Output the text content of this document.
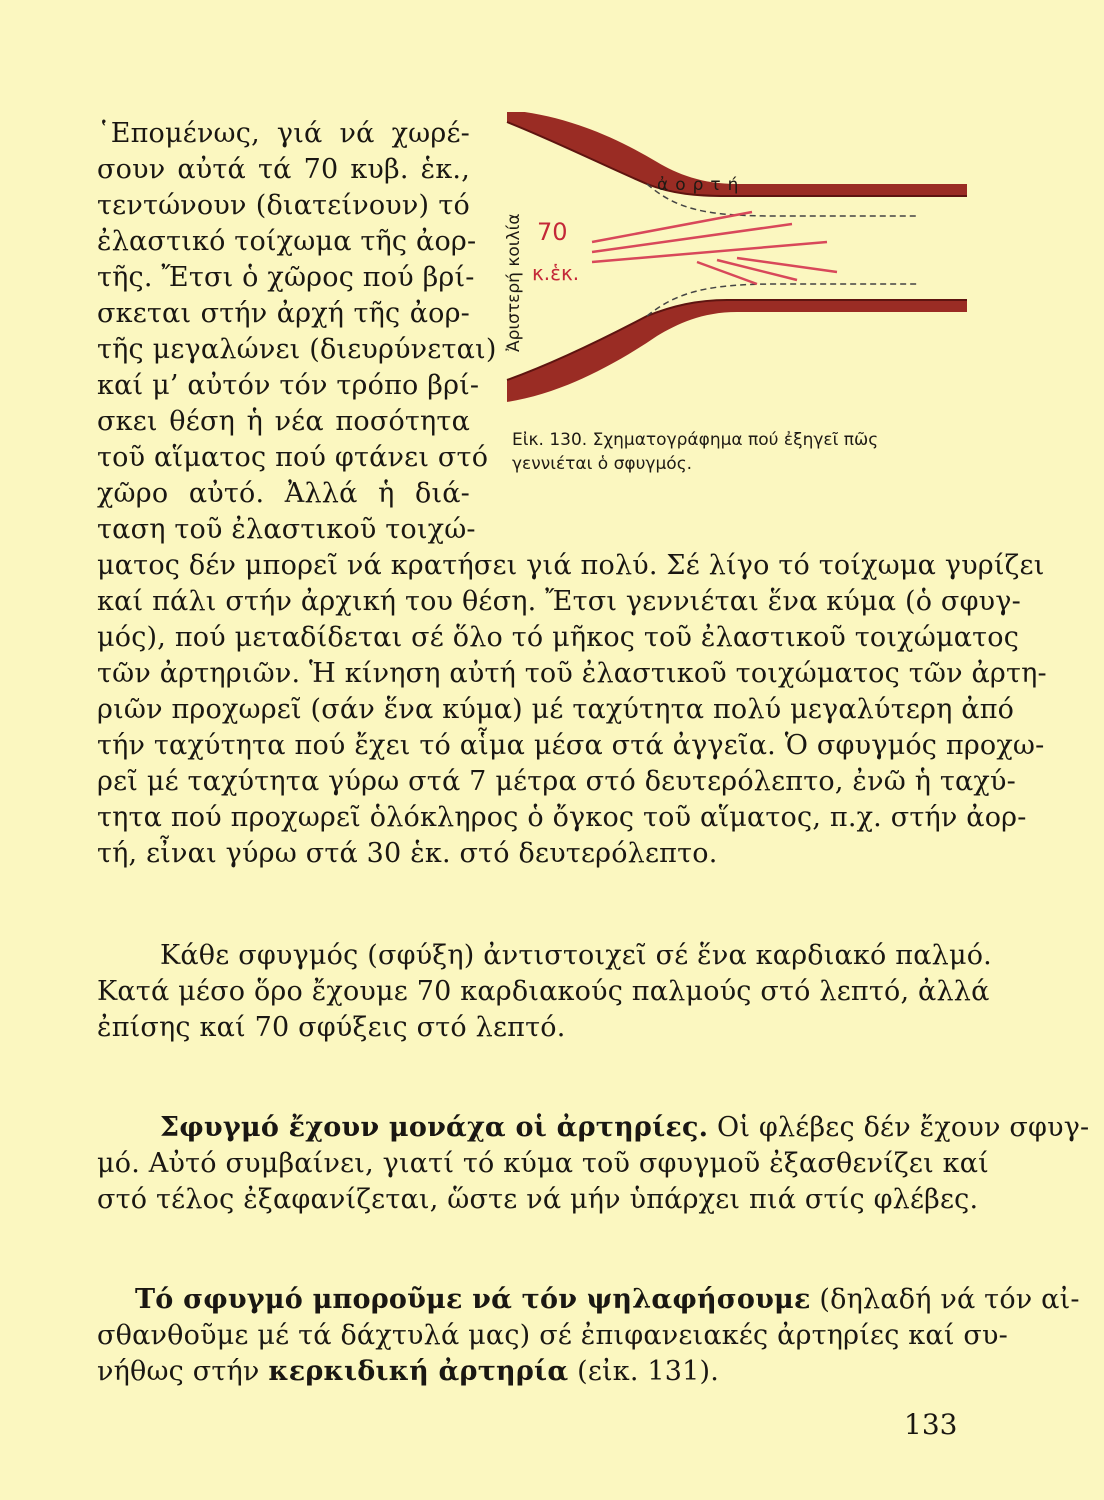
῾Επομένως, γιά νά χωρέ-
σουν αὐτά τά 70 κυβ. ἑκ.,
τεντώνουν (διατείνουν) τό
ἐλαστικό τοίχωμα τῆς ἀορ-
τῆς. Ἔτσι ὁ χῶρος πού βρί-
σκεται στήν ἀρχή τῆς ἀορ-
τῆς μεγαλώνει (διευρύνεται)
καί μ’ αὐτόν τόν τρόπο βρί-
σκει θέση ἡ νέα ποσότητα
τοῦ αἵματος πού φτάνει στό
χῶρο αὐτό. Ἀλλά ἡ διά-
ταση τοῦ ἐλαστικοῦ τοιχώ-
Ἀριστερή κοιλία
ἀορτή
70
κ.ἑκ.
Εἰκ. 130. Σχηματογράφημα πού ἐξηγεῖ πῶς γεννιέται ὁ σφυγμός.
ματος δέν μπορεῖ νά κρατήσει γιά πολύ. Σέ λίγο τό τοίχωμα γυρίζει
καί πάλι στήν ἀρχική του θέση. Ἔτσι γεννιέται ἕνα κύμα (ὁ σφυγ-
μός), πού μεταδίδεται σέ ὅλο τό μῆκος τοῦ ἐλαστικοῦ τοιχώματος
τῶν ἀρτηριῶν. Ἡ κίνηση αὐτή τοῦ ἐλαστικοῦ τοιχώματος τῶν ἀρτη-
ριῶν προχωρεῖ (σάν ἕνα κύμα) μέ ταχύτητα πολύ μεγαλύτερη ἀπό
τήν ταχύτητα πού ἔχει τό αἷμα μέσα στά ἀγγεῖα. Ὁ σφυγμός προχω-
ρεῖ μέ ταχύτητα γύρω στά 7 μέτρα στό δευτερόλεπτο, ἐνῶ ἡ ταχύ-
τητα πού προχωρεῖ ὁλόκληρος ὁ ὄγκος τοῦ αἵματος, π.χ. στήν ἀορ-
τή, εἶναι γύρω στά 30 ἑκ. στό δευτερόλεπτο.
Κάθε σφυγμός (σφύξη) ἀντιστοιχεῖ σέ ἕνα καρδιακό παλμό.
Κατά μέσο ὅρο ἔχουμε 70 καρδιακούς παλμούς στό λεπτό, ἀλλά
ἐπίσης καί 70 σφύξεις στό λεπτό.
Σφυγμό ἔχουν μονάχα οἱ ἀρτηρίες. Οἱ φλέβες δέν ἔχουν σφυγ-
μό. Αὐτό συμβαίνει, γιατί τό κύμα τοῦ σφυγμοῦ ἐξασθενίζει καί
στό τέλος ἐξαφανίζεται, ὥστε νά μήν ὑπάρχει πιά στίς φλέβες.
Τό σφυγμό μποροῦμε νά τόν ψηλαφήσουμε (δηλαδή νά τόν αἰ-
σθανθοῦμε μέ τά δάχτυλά μας) σέ ἐπιφανειακές ἀρτηρίες καί συ-
νήθως στήν κερκιδική ἀρτηρία (εἰκ. 131).
133
